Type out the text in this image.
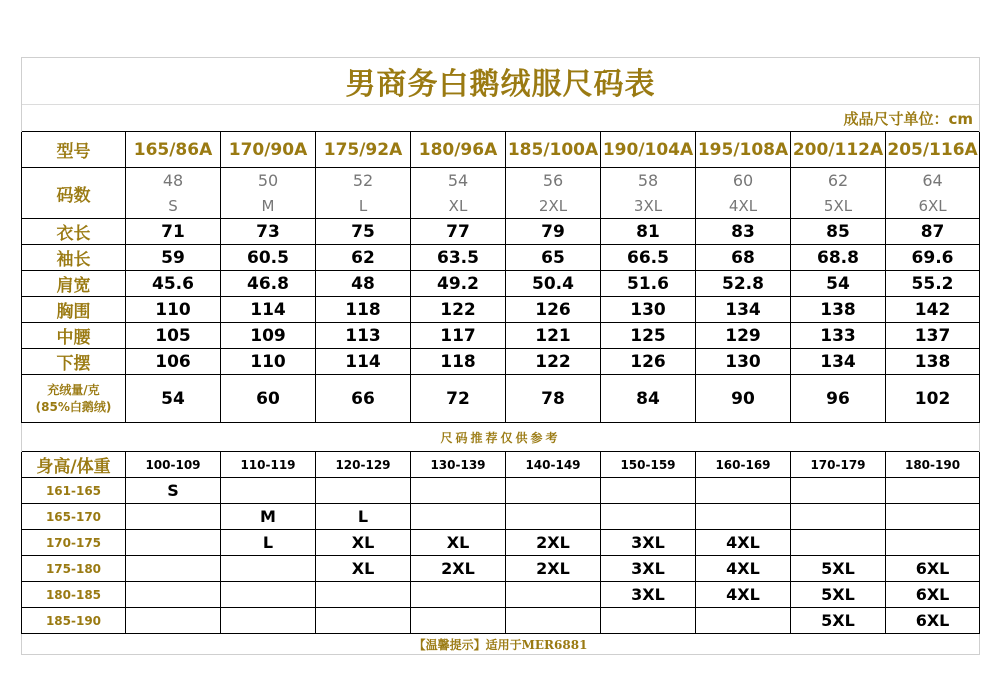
男商务白鹅绒服尺码表									
成品尺寸单位：cm									
型号	165/86A	170/90A	175/92A	180/96A	185/100A	190/104A	195/108A	200/112A	205/116A
码数	48	50	52	54	56	58	60	62	64
	S	M	L	XL	2XL	3XL	4XL	5XL	6XL
衣长	71	73	75	77	79	81	83	85	87
袖长	59	60.5	62	63.5	65	66.5	68	68.8	69.6
肩宽	45.6	46.8	48	49.2	50.4	51.6	52.8	54	55.2
胸围	110	114	118	122	126	130	134	138	142
中腰	105	109	113	117	121	125	129	133	137
下摆	106	110	114	118	122	126	130	134	138

充绒量/克
(85%白鹅绒)	54	60	66	72	78	84	90	96	102
尺码推荐仅供参考									
身高/体重	100-109	110-119	120-129	130-139	140-149	150-159	160-169	170-179	180-190
161-165	S								
165-170		M	L						
170-175		L	XL	XL	2XL	3XL	4XL		
175-180			XL	2XL	2XL	3XL	4XL	5XL	6XL
180-185						3XL	4XL	5XL	6XL
185-190								5XL	6XL
【温馨提示】适用于MER6881									
